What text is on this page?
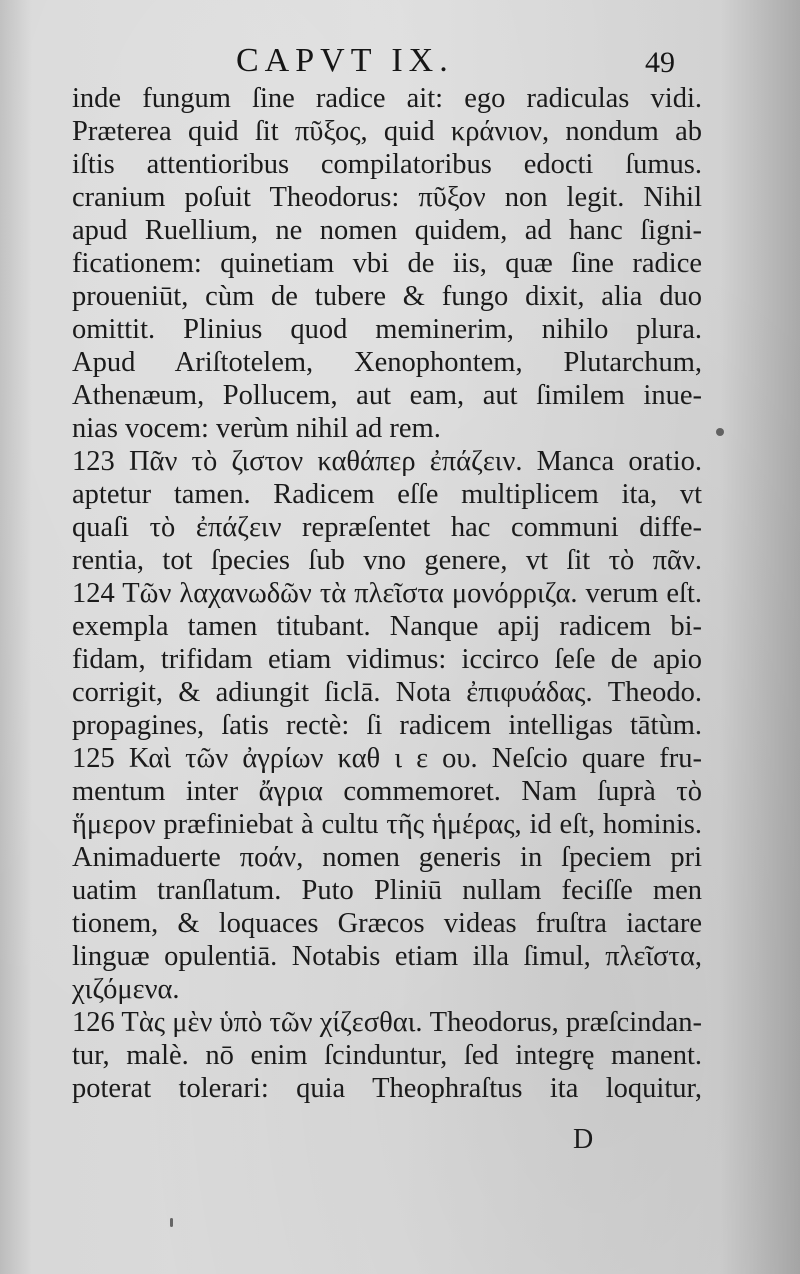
CAPVT IX.	49
inde fungum ſine radice ait: ego radiculas vidi.
Præterea quid ſit πῦξος, quid κράνιον, nondum ab
iſtis attentioribus compilatoribus edocti ſumus.
cranium poſuit Theodorus: πῦξον non legit. Nihil
apud Ruellium, ne nomen quidem, ad hanc ſigni-
ficationem: quinetiam vbi de iis, quæ ſine radice
proueniūt, cùm de tubere & fungo dixit, alia duo
omittit. Plinius quod meminerim, nihilo plura.
Apud Ariſtotelem, Xenophontem, Plutarchum,
Athenæum, Pollucem, aut eam, aut ſimilem inue-
nias vocem: verùm nihil ad rem.
123 Πᾶν τὸ ζιστον καθάπερ ἐπάζειν. Manca oratio.
aptetur tamen. Radicem eſſe multiplicem ita, vt
quaſi τὸ ἐπάζειν repræſentet hac communi diffe-
rentia, tot ſpecies ſub vno genere, vt ſit τὸ πᾶν.
124 Τῶν λαχανωδῶν τὰ πλεῖστα μονόρριζα. verum eſt.
exempla tamen titubant. Nanque apij radicem bi-
fidam, trifidam etiam vidimus: iccirco ſeſe de apio
corrigit, & adiungit ſiclā. Nota ἐπιφυάδας. Theodo.
propagines, ſatis rectè: ſi radicem intelligas tātùm.
125 Καὶ τῶν ἀγρίων καθ ι ε ου. Neſcio quare fru-
mentum inter ἄγρια commemoret. Nam ſuprà τὸ
ἥμερον præfiniebat à cultu τῆς ἡμέρας, id eſt, hominis.
Animaduerte ποάν, nomen generis in ſpeciem pri
uatim tranſlatum. Puto Pliniū nullam feciſſe men
tionem, & loquaces Græcos videas fruſtra iactare
linguæ opulentiā. Notabis etiam illa ſimul, πλεῖστα,
χιζόμενα.
126 Τὰς μὲν ὑπὸ τῶν χίζεσθαι. Theodorus, præſcindan-
tur, malè. nō enim ſcinduntur, ſed integrę manent.
poterat tolerari: quia Theophraſtus ita loquitur,
D
